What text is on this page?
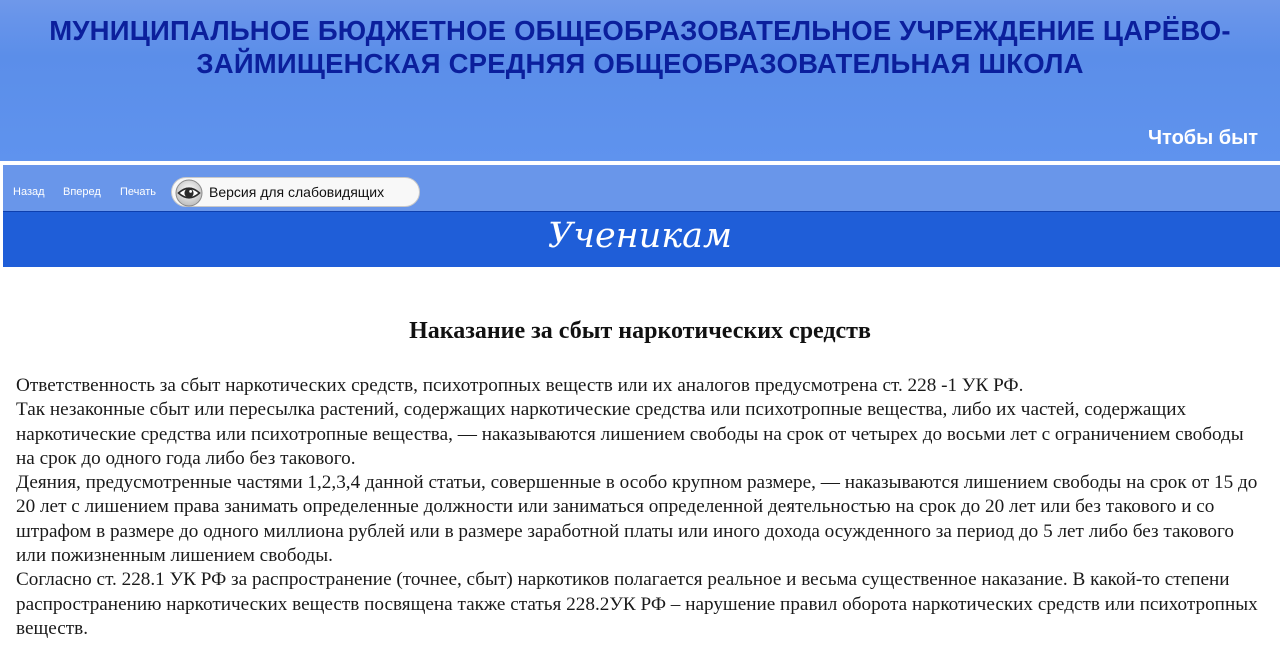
МУНИЦИПАЛЬНОЕ БЮДЖЕТНОЕ ОБЩЕОБРАЗОВАТЕЛЬНОЕ УЧРЕЖДЕНИЕ ЦАРЁВО-ЗАЙМИЩЕНСКАЯ СРЕДНЯЯ ОБЩЕОБРАЗОВАТЕЛЬНАЯ ШКОЛА
Чтобы быт
Назад Вперед Печать	Версия для слабовидящих
Ученикам
Наказание за сбыт наркотических средств

Ответственность за сбыт наркотических средств, психотропных веществ или их аналогов предусмотрена ст. 228 -1 УК РФ.

Так незаконные сбыт или пересылка растений, содержащих наркотические средства или психотропные вещества, либо их частей, содержащих наркотические средства или психотропные вещества, — наказываются лишением свободы на срок от четырех до восьми лет с ограничением свободы на срок до одного года либо без такового.

Деяния, предусмотренные частями 1,2,3,4 данной статьи, совершенные в особо крупном размере, — наказываются лишением свободы на срок от 15 до 20 лет с лишением права занимать определенные должности или заниматься определенной деятельностью на срок до 20 лет или без такового и со штрафом в размере до одного миллиона рублей или в размере заработной платы или иного дохода осужденного за период до 5 лет либо без такового или пожизненным лишением свободы.

Согласно ст. 228.1 УК РФ за распространение (точнее, сбыт) наркотиков полагается реальное и весьма существенное наказание. В какой-то степени распространению наркотических веществ посвящена также статья 228.2УК РФ – нарушение правил оборота наркотических средств или психотропных веществ.
